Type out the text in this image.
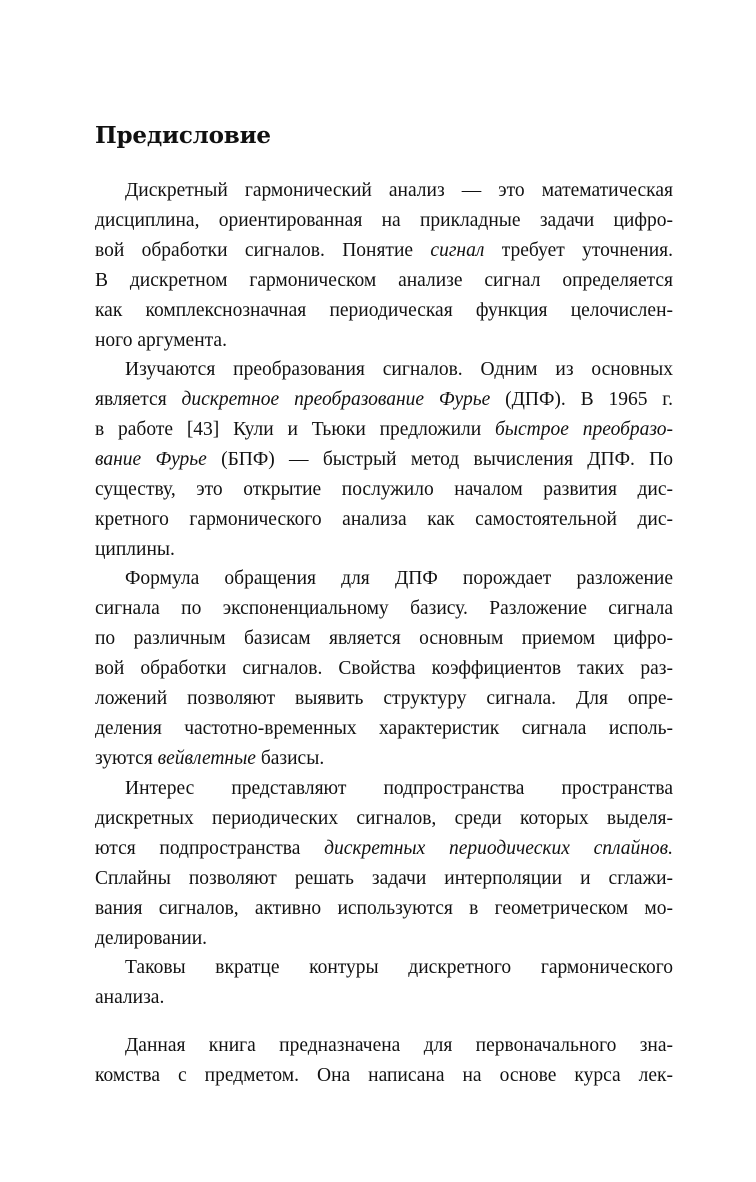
Предисловие
Дискретный гармонический анализ — это математическая
дисциплина, ориентированная на прикладные задачи цифро-
вой обработки сигналов. Понятие сигнал требует уточнения.
В дискретном гармоническом анализе сигнал определяется
как комплекснозначная периодическая функция целочислен-
ного аргумента.
Изучаются преобразования сигналов. Одним из основных
является дискретное преобразование Фурье (ДПФ). В 1965 г.
в работе [43] Кули и Тьюки предложили быстрое преобразо-
вание Фурье (БПФ) — быстрый метод вычисления ДПФ. По
существу, это открытие послужило началом развития дис-
кретного гармонического анализа как самостоятельной дис-
циплины.
Формула обращения для ДПФ порождает разложение
сигнала по экспоненциальному базису. Разложение сигнала
по различным базисам является основным приемом цифро-
вой обработки сигналов. Свойства коэффициентов таких раз-
ложений позволяют выявить структуру сигнала. Для опре-
деления частотно-временных характеристик сигнала исполь-
зуются вейвлетные базисы.
Интерес представляют подпространства пространства
дискретных периодических сигналов, среди которых выделя-
ются подпространства дискретных периодических сплайнов.
Сплайны позволяют решать задачи интерполяции и сглажи-
вания сигналов, активно используются в геометрическом мо-
делировании.
Таковы вкратце контуры дискретного гармонического
анализа.
Данная книга предназначена для первоначального зна-
комства с предметом. Она написана на основе курса лек-
